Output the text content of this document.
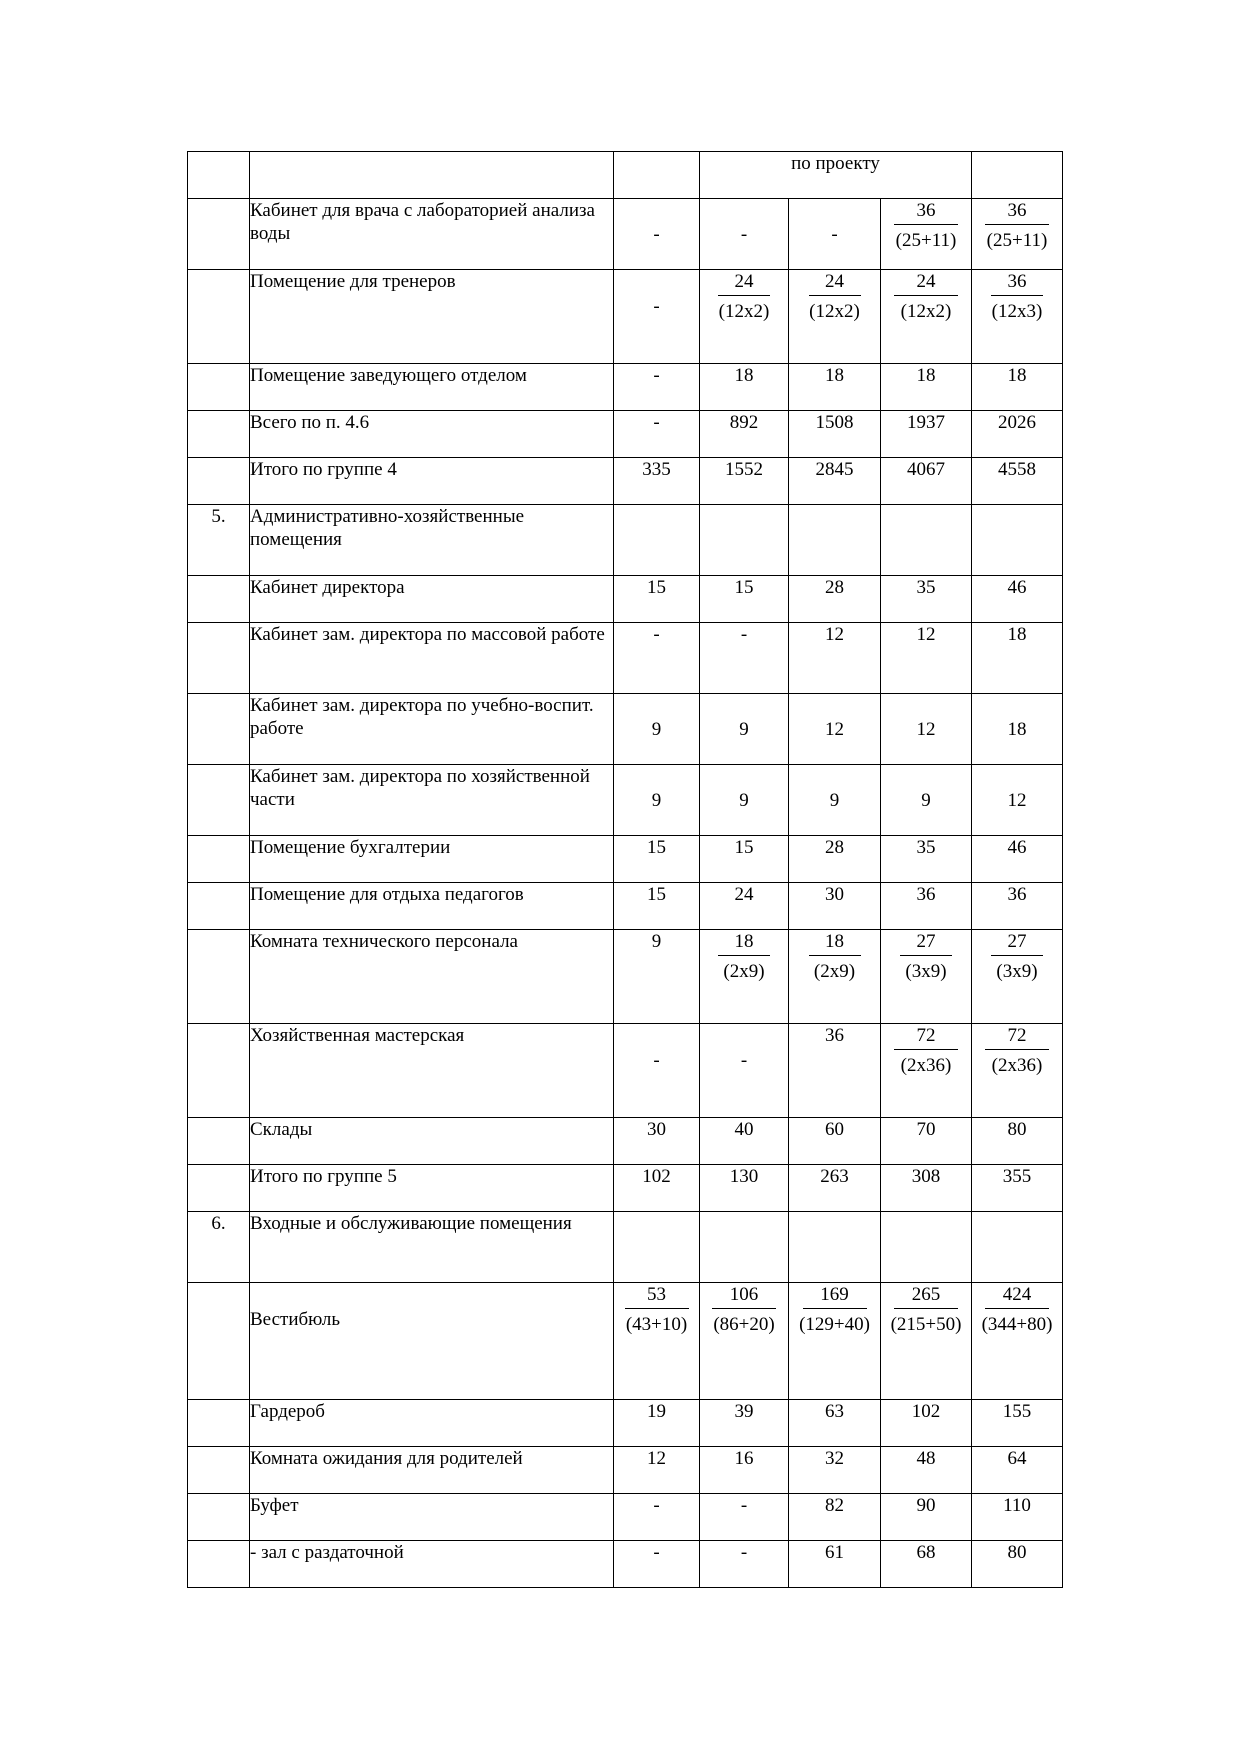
			по проекту			
	Кабинет для врача с лабораторией анализа воды	-	-	-	$\frac{36}{(25+11)}$	$\frac{36}{(25+11)}$

	Помещение для тренеров	-	$\frac{24}{(12х2)}$	$\frac{24}{(12х2)}$	$\frac{24}{(12х2)}$	$\frac{36}{(12х3)}$

	Помещение заведующего отделом	-	18	18	18	18
	Всего по п. 4.6	-	892	1508	1937	2026
	Итого по группе 4	335	1552	2845	4067	4558
5.	Административно-хозяйственные помещения					
	Кабинет директора	15	15	28	35	46
	Кабинет зам. директора по массовой работе	-	-	12	12	18
	Кабинет зам. директора по учебно-воспит. работе	9	9	12	12	18
	Кабинет зам. директора по хозяйственной части	9	9	9	9	12
	Помещение бухгалтерии	15	15	28	35	46
	Помещение для отдыха педагогов	15	24	30	36	36
	Комната технического персонала	9	$\frac{18}{(2х9)}$	$\frac{18}{(2х9)}$	$\frac{27}{(3х9)}$	$\frac{27}{(3х9)}$

	Хозяйственная мастерская	-	-	36	$\frac{72}{(2х36)}$	$\frac{72}{(2х36)}$

	Склады	30	40	60	70	80
	Итого по группе 5	102	130	263	308	355
6.	Входные и обслуживающие помещения					
	Вестибюль	$\frac{53}{(43+10)}$	$\frac{106}{(86+20)}$	$\frac{169}{(129+40)}$	$\frac{265}{(215+50)}$	$\frac{424}{(344+80)}$

	Гардероб	19	39	63	102	155
	Комната ожидания для родителей	12	16	32	48	64
	Буфет	-	-	82	90	110
	- зал с раздаточной	-	-	61	68	80
